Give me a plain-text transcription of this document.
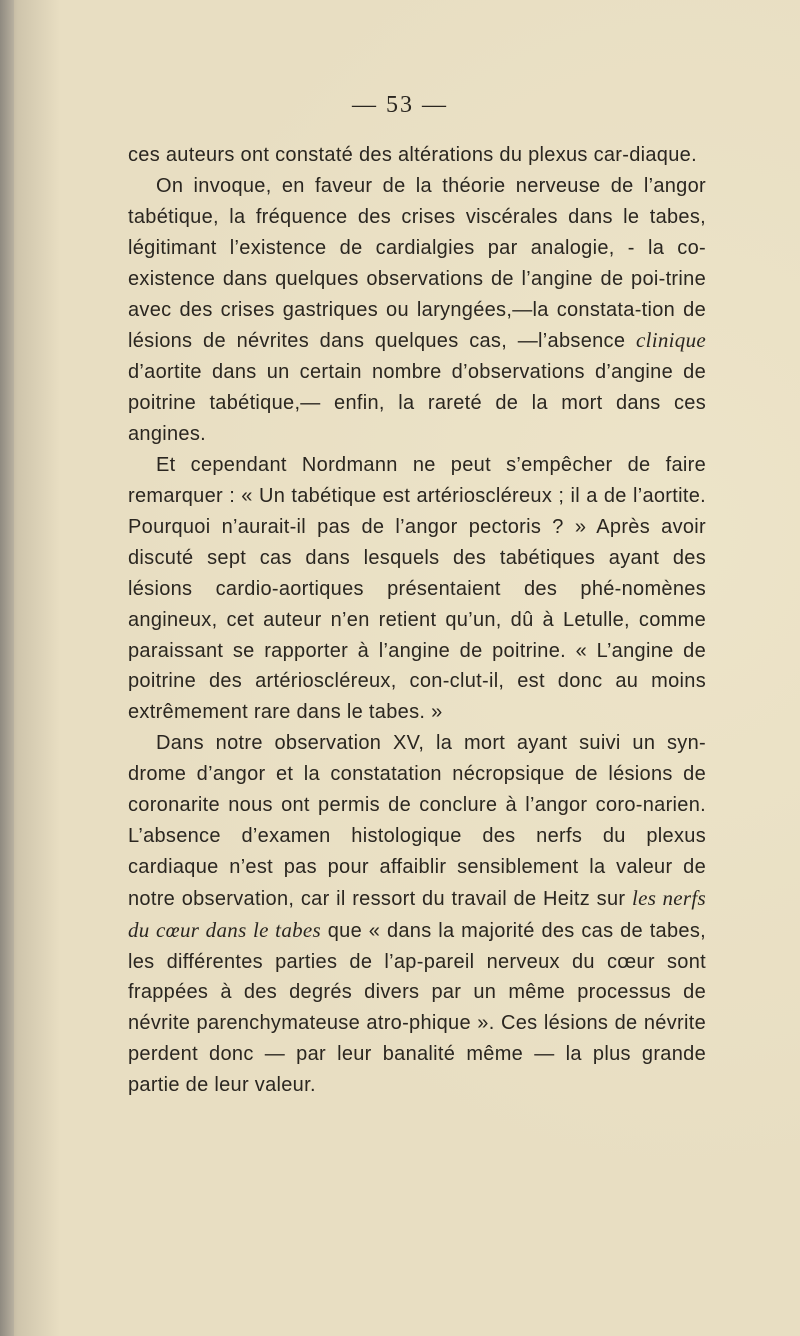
— 53 —

ces auteurs ont constaté des altérations du plexus car-diaque.

On invoque, en faveur de la théorie nerveuse de l’angor tabétique, la fréquence des crises viscérales dans le tabes, légitimant l’existence de cardialgies par analogie, - la co-existence dans quelques observations de l’angine de poi-trine avec des crises gastriques ou laryngées,—la constata-tion de lésions de névrites dans quelques cas, —l’absence clinique d’aortite dans un certain nombre d’observations d’angine de poitrine tabétique,— enfin, la rareté de la mort dans ces angines.

Et cependant Nordmann ne peut s’empêcher de faire remarquer : « Un tabétique est artérioscléreux ; il a de l’aortite. Pourquoi n’aurait-il pas de l’angor pectoris ? » Après avoir discuté sept cas dans lesquels des tabétiques ayant des lésions cardio-aortiques présentaient des phé-nomènes angineux, cet auteur n’en retient qu’un, dû à Letulle, comme paraissant se rapporter à l’angine de poitrine. « L’angine de poitrine des artérioscléreux, con-clut-il, est donc au moins extrêmement rare dans le tabes. »

Dans notre observation XV, la mort ayant suivi un syn-drome d’angor et la constatation nécropsique de lésions de coronarite nous ont permis de conclure à l’angor coro-narien. L’absence d’examen histologique des nerfs du plexus cardiaque n’est pas pour affaiblir sensiblement la valeur de notre observation, car il ressort du travail de Heitz sur les nerfs du cœur dans le tabes que « dans la majorité des cas de tabes, les différentes parties de l’ap-pareil nerveux du cœur sont frappées à des degrés divers par un même processus de névrite parenchymateuse atro-phique ». Ces lésions de névrite perdent donc — par leur banalité même — la plus grande partie de leur valeur.
